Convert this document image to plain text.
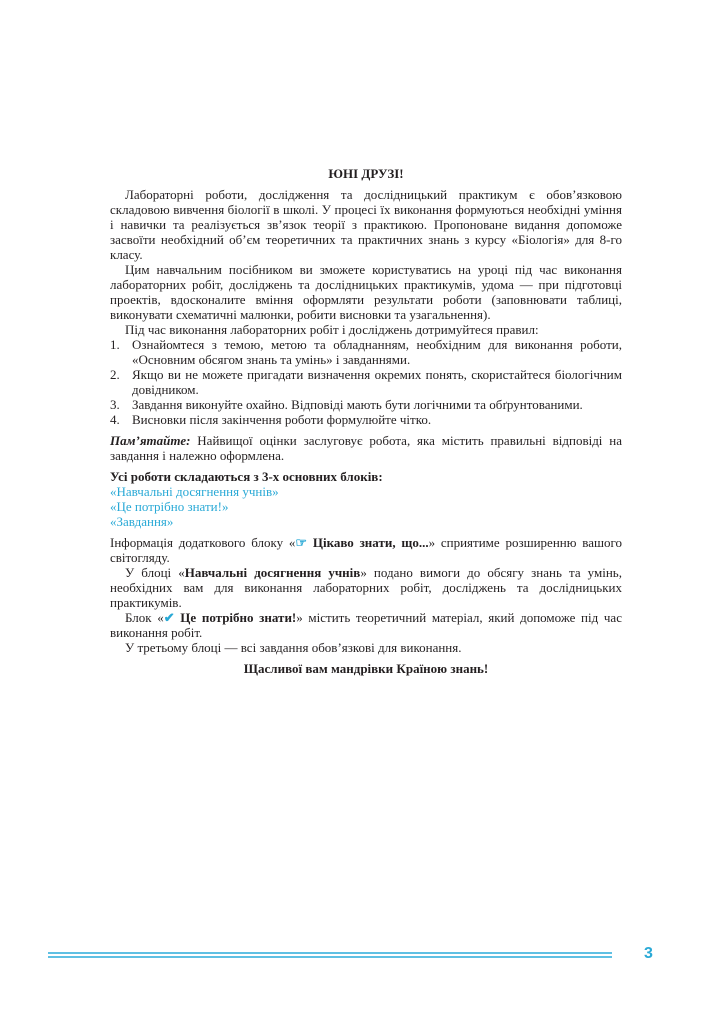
ЮНІ ДРУЗІ!

Лабораторні роботи, дослідження та дослідницький практикум є обов’язковою складовою вивчення біології в школі. У процесі їх виконання формуються необхідні уміння і навички та реалізується зв’язок теорії з практикою. Пропоноване видання допоможе засвоїти необхідний об’єм теоретичних та практичних знань з курсу «Біологія» для 8-го класу.

Цим навчальним посібником ви зможете користуватись на уроці під час виконання лабораторних робіт, досліджень та дослідницьких практикумів, удома — при підготовці проектів, вдосконалите вміння оформляти результати роботи (заповнювати таблиці, виконувати схематичні малюнки, робити висновки та узагальнення).

Під час виконання лабораторних робіт і досліджень дотримуйтеся правил:

1. Ознайомтеся з темою, метою та обладнанням, необхідним для виконання роботи, «Основним обсягом знань та умінь» і завданнями.
2. Якщо ви не можете пригадати визначення окремих понять, скористайтеся біологічним довідником.
3. Завдання виконуйте охайно. Відповіді мають бути логічними та обґрунтованими.
4. Висновки після закінчення роботи формулюйте чітко.

Пам’ятайте: Найвищої оцінки заслуговує робота, яка містить правильні відповіді на завдання і належно оформлена.

Усі роботи складаються з 3-х основних блоків:

«Навчальні досягнення учнів»

«Це потрібно знати!»

«Завдання»

Інформація додаткового блоку «☞ Цікаво знати, що...» сприятиме розширенню вашого світогляду.

У блоці «Навчальні досягнення учнів» подано вимоги до обсягу знань та умінь, необхідних вам для виконання лабораторних робіт, досліджень та дослідницьких практикумів.

Блок «✔ Це потрібно знати!» містить теоретичний матеріал, який допоможе під час виконання робіт.

У третьому блоці — всі завдання обов’язкові для виконання.

Щасливої вам мандрівки Країною знань!
3
